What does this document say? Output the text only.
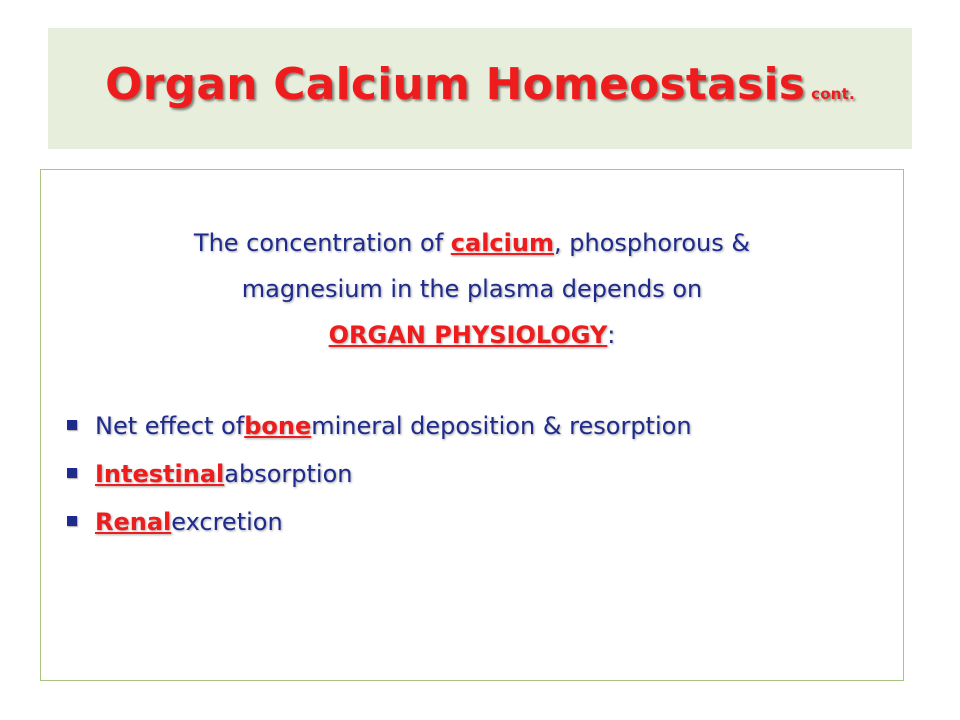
Organ Calcium Homeostasis cont.
The concentration of calcium, phosphorous &
magnesium in the plasma depends on
ORGAN PHYSIOLOGY:
Net effect of bone mineral deposition & resorption
Intestinal absorption
Renal excretion
